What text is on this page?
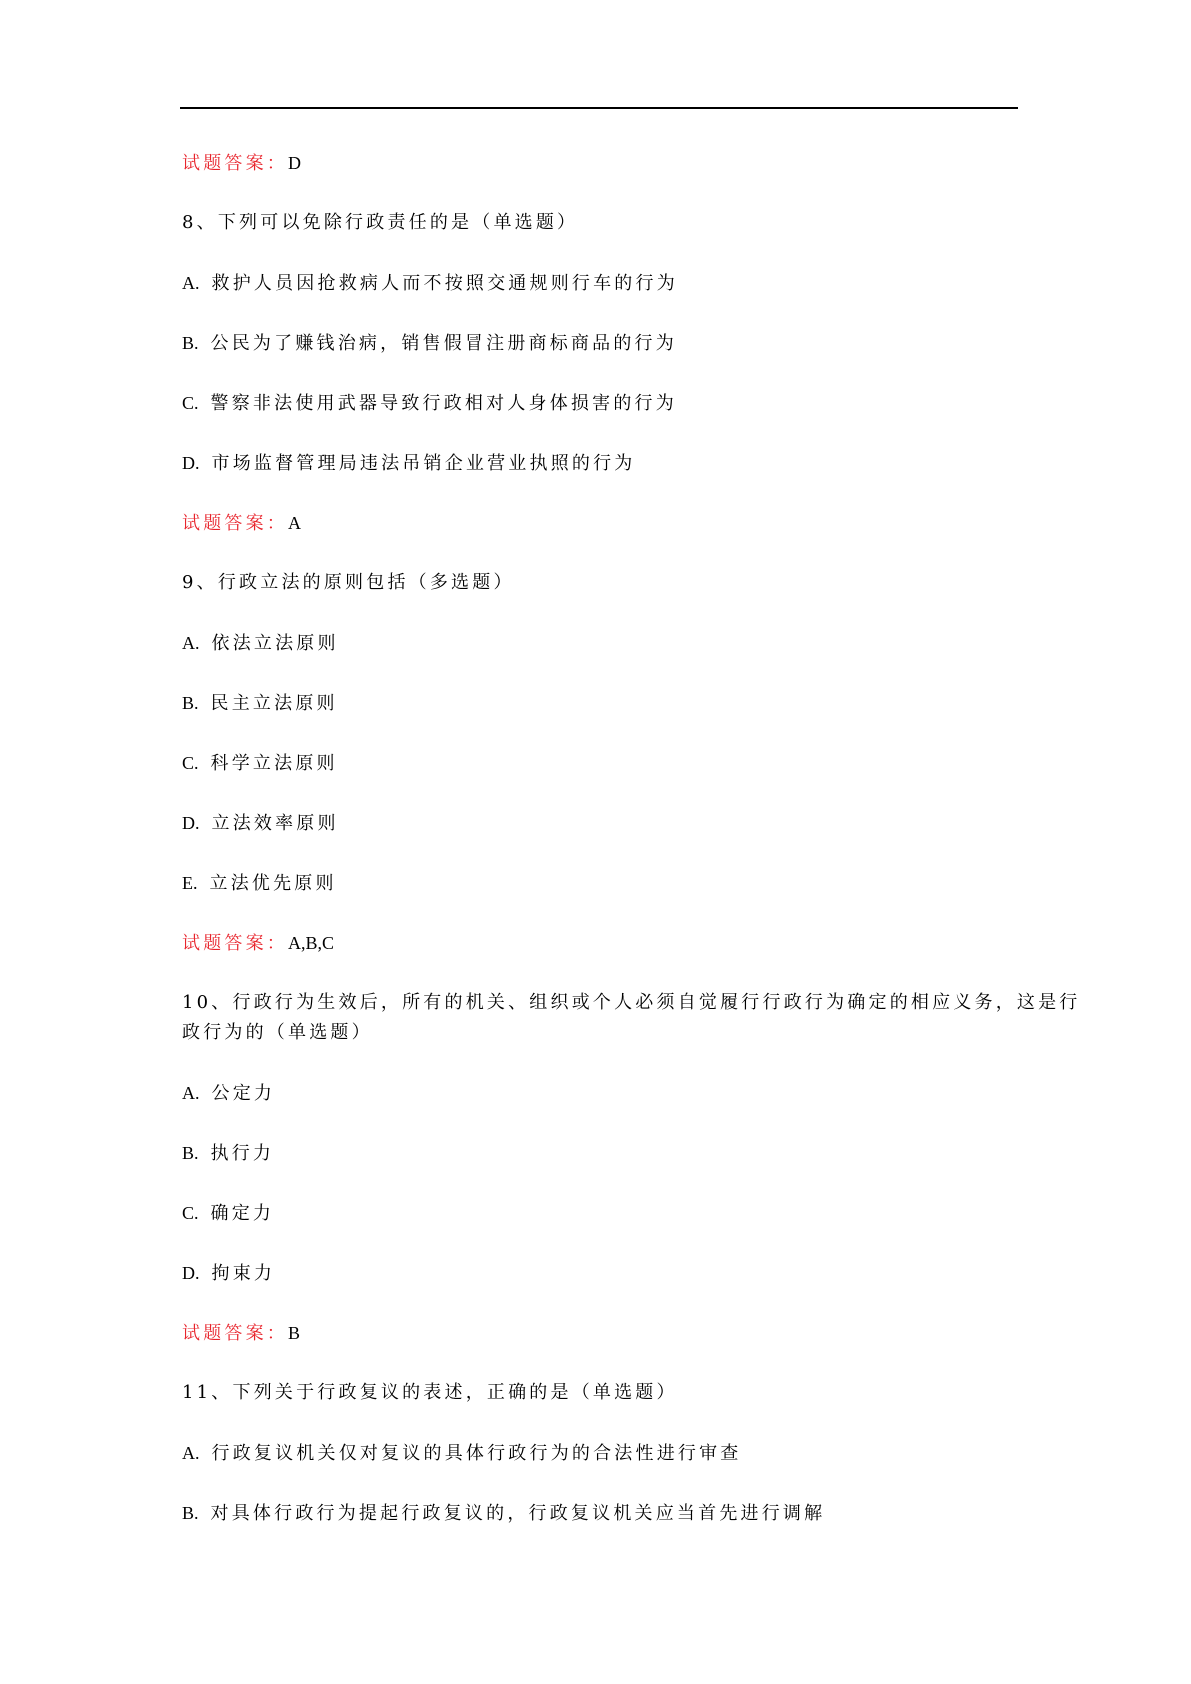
试题答案：D
8、下列可以免除行政责任的是（单选题）
A. 救护人员因抢救病人而不按照交通规则行车的行为
B. 公民为了赚钱治病，销售假冒注册商标商品的行为
C. 警察非法使用武器导致行政相对人身体损害的行为
D. 市场监督管理局违法吊销企业营业执照的行为
试题答案：A
9、行政立法的原则包括（多选题）
A. 依法立法原则
B. 民主立法原则
C. 科学立法原则
D. 立法效率原则
E. 立法优先原则
试题答案：A,B,C
10、行政行为生效后，所有的机关、组织或个人必须自觉履行行政行为确定的相应义务，这是行
政行为的（单选题）
A. 公定力
B. 执行力
C. 确定力
D. 拘束力
试题答案：B
11、下列关于行政复议的表述，正确的是（单选题）
A. 行政复议机关仅对复议的具体行政行为的合法性进行审查
B. 对具体行政行为提起行政复议的，行政复议机关应当首先进行调解
